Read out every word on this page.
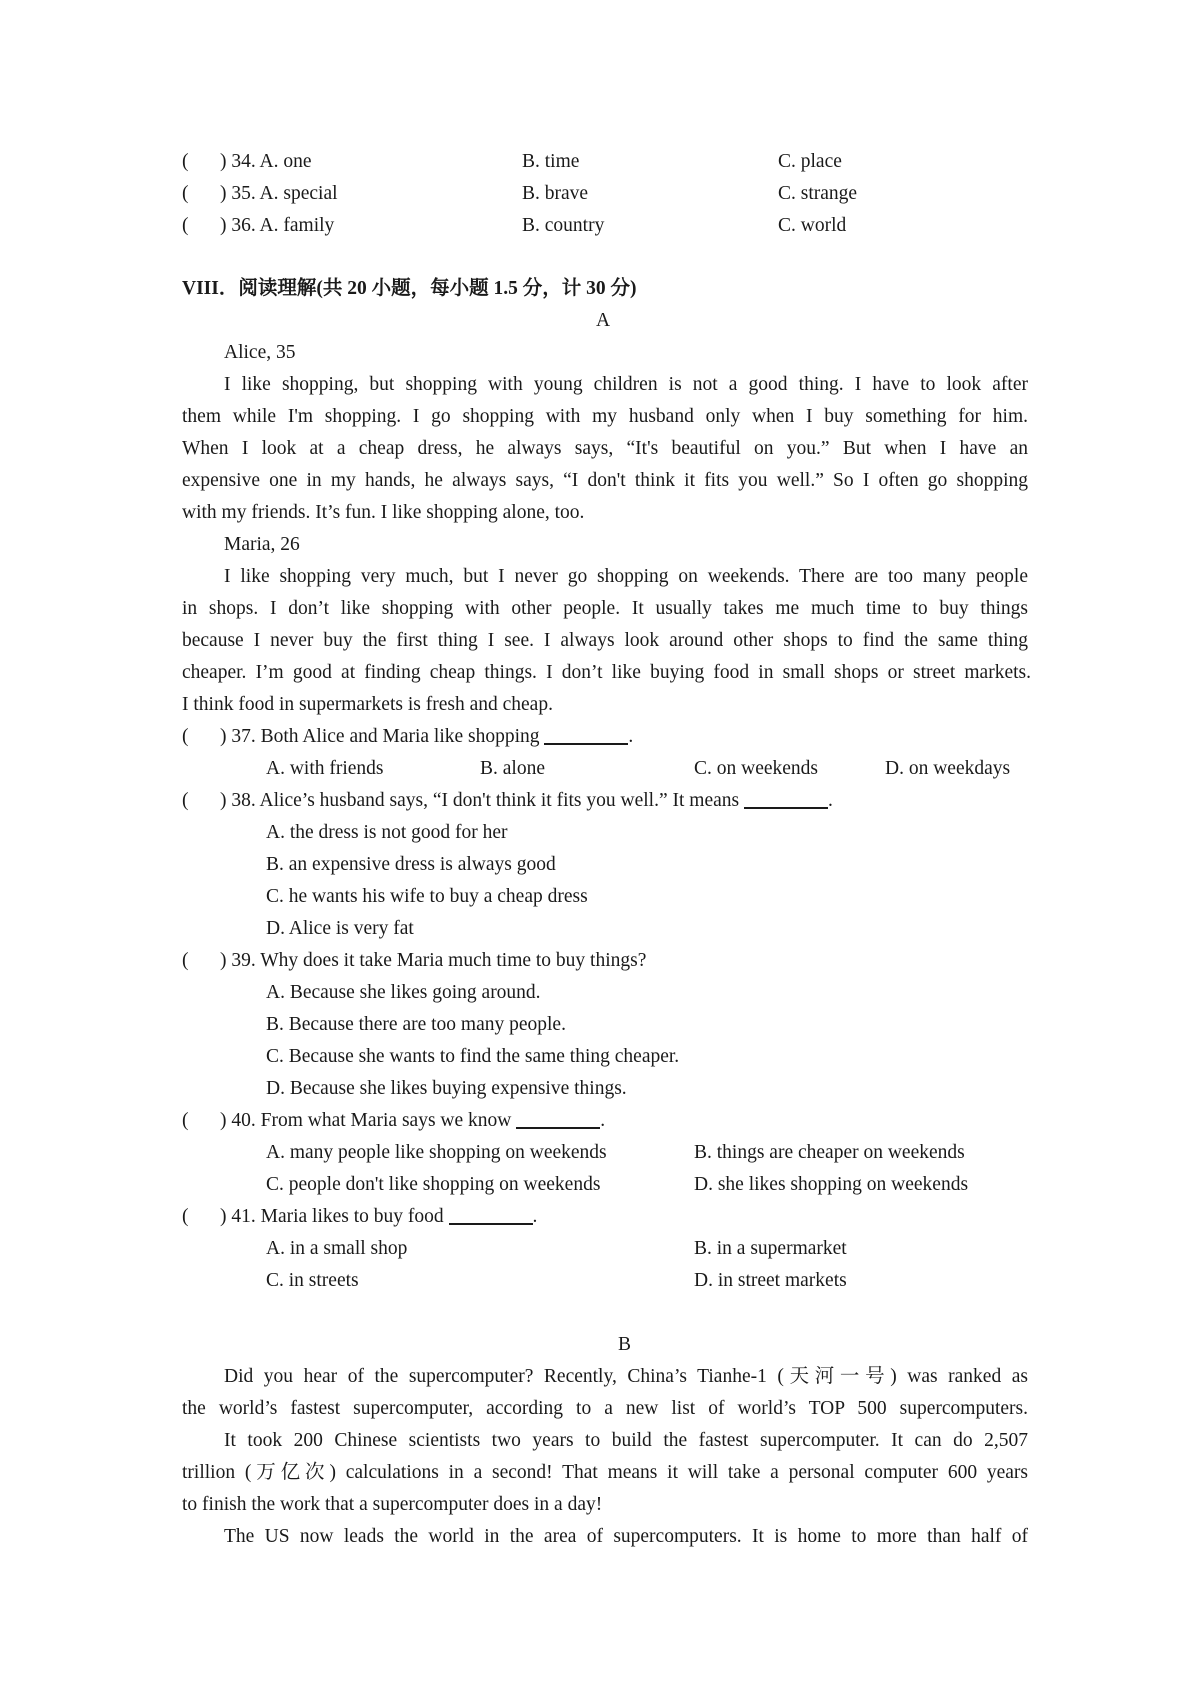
( ) 34. A. one	B. time	C. place
( ) 35. A. special	B. brave	C. strange
( ) 36. A. family	B. country	C. world
VIII．阅读理解(共 20 小题，每小题 1.5 分，计 30 分)
A
Alice, 35
I like shopping, but shopping with young children is not a good thing. I have to look after
them while I'm shopping. I go shopping with my husband only when I buy something for him.
When I look at a cheap dress, he always says, “It's beautiful on you.” But when I have an
expensive one in my hands, he always says, “I don't think it fits you well.” So I often go shopping
with my friends. It’s fun. I like shopping alone, too.
Maria, 26
I like shopping very much, but I never go shopping on weekends. There are too many people
in shops. I don’t like shopping with other people. It usually takes me much time to buy things
because I never buy the first thing I see. I always look around other shops to find the same thing
cheaper. I’m good at finding cheap things. I don’t like buying food in small shops or street markets.
I think food in supermarkets is fresh and cheap.
( ) 37. Both Alice and Maria like shopping	.
A. with friends	B. alone	C. on weekends	D. on weekdays
( ) 38. Alice’s husband says, “I don't think it fits you well.” It means	.
A. the dress is not good for her
B. an expensive dress is always good
C. he wants his wife to buy a cheap dress
D. Alice is very fat
( ) 39. Why does it take Maria much time to buy things?
A. Because she likes going around.
B. Because there are too many people.
C. Because she wants to find the same thing cheaper.
D. Because she likes buying expensive things.
( ) 40. From what Maria says we know	.
A. many people like shopping on weekends	B. things are cheaper on weekends
C. people don't like shopping on weekends	D. she likes shopping on weekends
( ) 41. Maria likes to buy food	.
A. in a small shop	B. in a supermarket
C. in streets	D. in street markets
B
Did you hear of the supercomputer? Recently, China’s Tianhe-1 (天河一号) was ranked as
the world’s fastest supercomputer, according to a new list of world’s TOP 500 supercomputers.
It took 200 Chinese scientists two years to build the fastest supercomputer. It can do 2,507
trillion (万亿次) calculations in a second! That means it will take a personal computer 600 years
to finish the work that a supercomputer does in a day!
The US now leads the world in the area of supercomputers. It is home to more than half of
